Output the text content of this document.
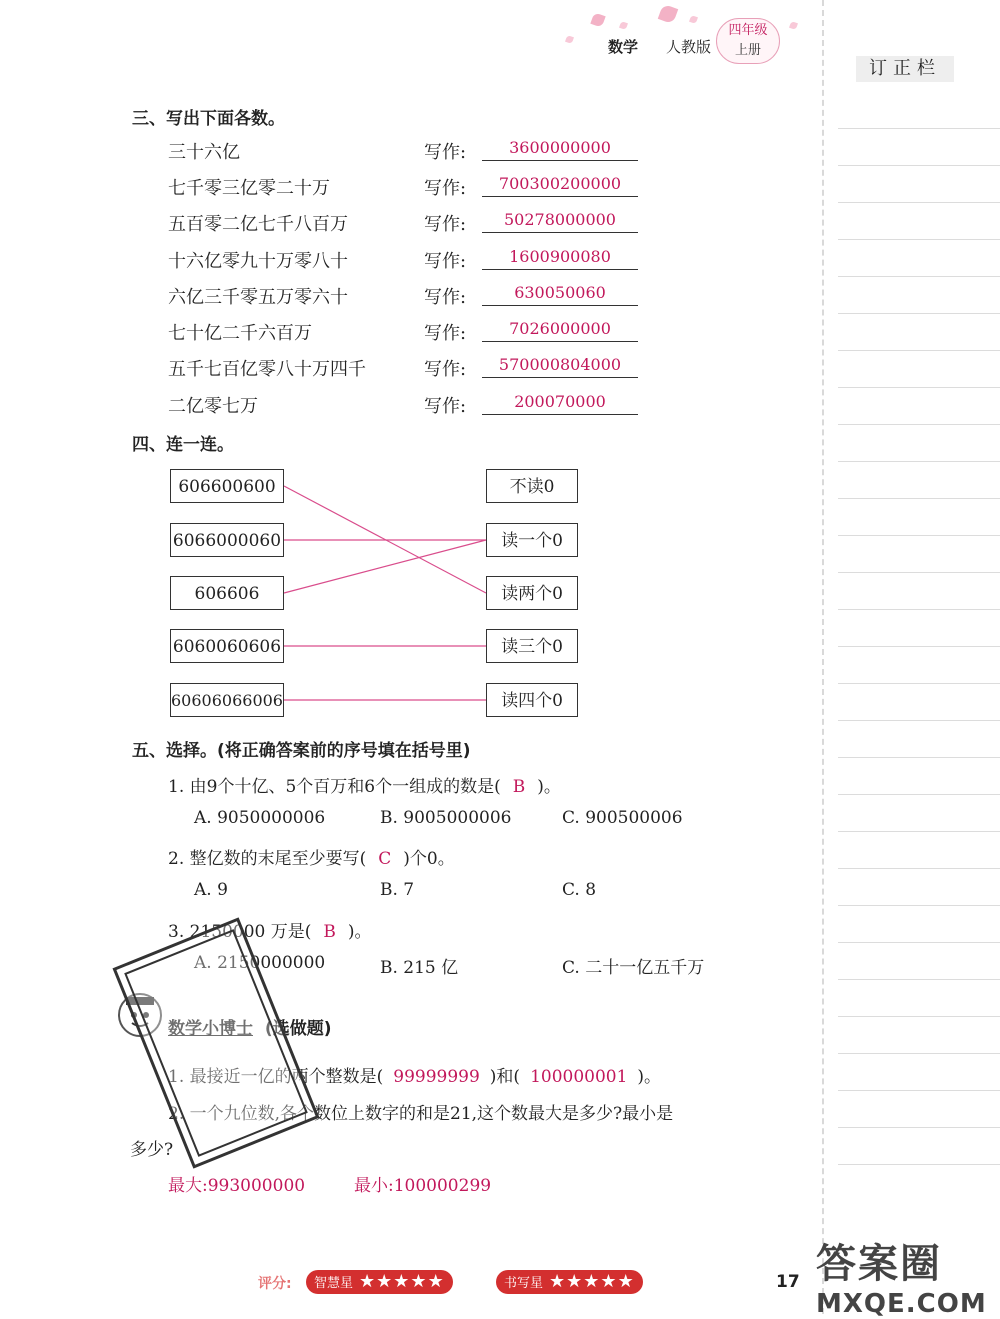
数学 人教版
四年级
上册
订正栏
三、写出下面各数。
三十六亿	写作:	3600000000
七千零三亿零二十万	写作:	700300200000
五百零二亿七千八百万	写作:	50278000000
十六亿零九十万零八十	写作:	1600900080
六亿三千零五万零六十	写作:	630050060
七十亿二千六百万	写作:	7026000000
五千七百亿零八十万四千	写作:	570000804000
二亿零七万	写作:	200070000
四、连一连。
606600600
6066000060
606606
6060060606
60606066006
不读0
读一个0
读两个0
读三个0
读四个0
五、选择。(将正确答案前的序号填在括号里)
1. 由9个十亿、5个百万和6个一组成的数是( B )。
A. 9050000006	B. 9005000006	C. 900500006
2. 整亿数的末尾至少要写( C )个0。
A. 9	B. 7	C. 8
3. 2150000 万是( B )。
A. 2150000000	B. 215 亿	C. 二十一亿五千万
数学小博士 (选做题)
1. 最接近一亿的两个整数是( 99999999 )和( 100000001 )。
2. 一个九位数,各个数位上数字的和是21,这个数最大是多少?最小是
多少?
最大:993000000	最小:100000299
评分:	智慧星 ★★★★★	书写星 ★★★★★	17 答案圈
MXQE.COM
